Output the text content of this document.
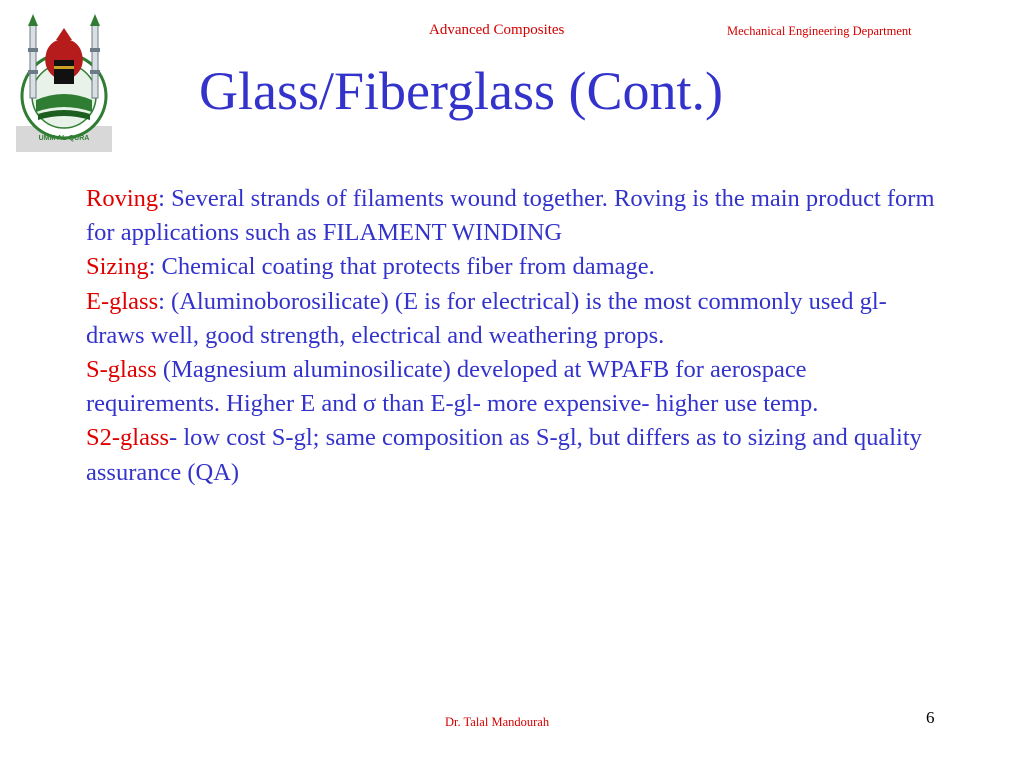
UMM AL-QURA
Advanced Composites	Mechanical Engineering Department
Glass/Fiberglass (Cont.)

Roving: Several strands of filaments wound together. Roving is the main product form for applications such as FILAMENT WINDING

Sizing: Chemical coating that protects fiber from damage.

E-glass: (Aluminoborosilicate) (E is for electrical) is the most commonly used gl- draws well, good strength, electrical and weathering props.

S-glass (Magnesium aluminosilicate) developed at WPAFB for aerospace requirements. Higher E and σ than E-gl- more expensive- higher use temp.

S2-glass- low cost S-gl; same composition as S-gl, but differs as to sizing and quality assurance (QA)

Dr. Talal Mandourah	6
